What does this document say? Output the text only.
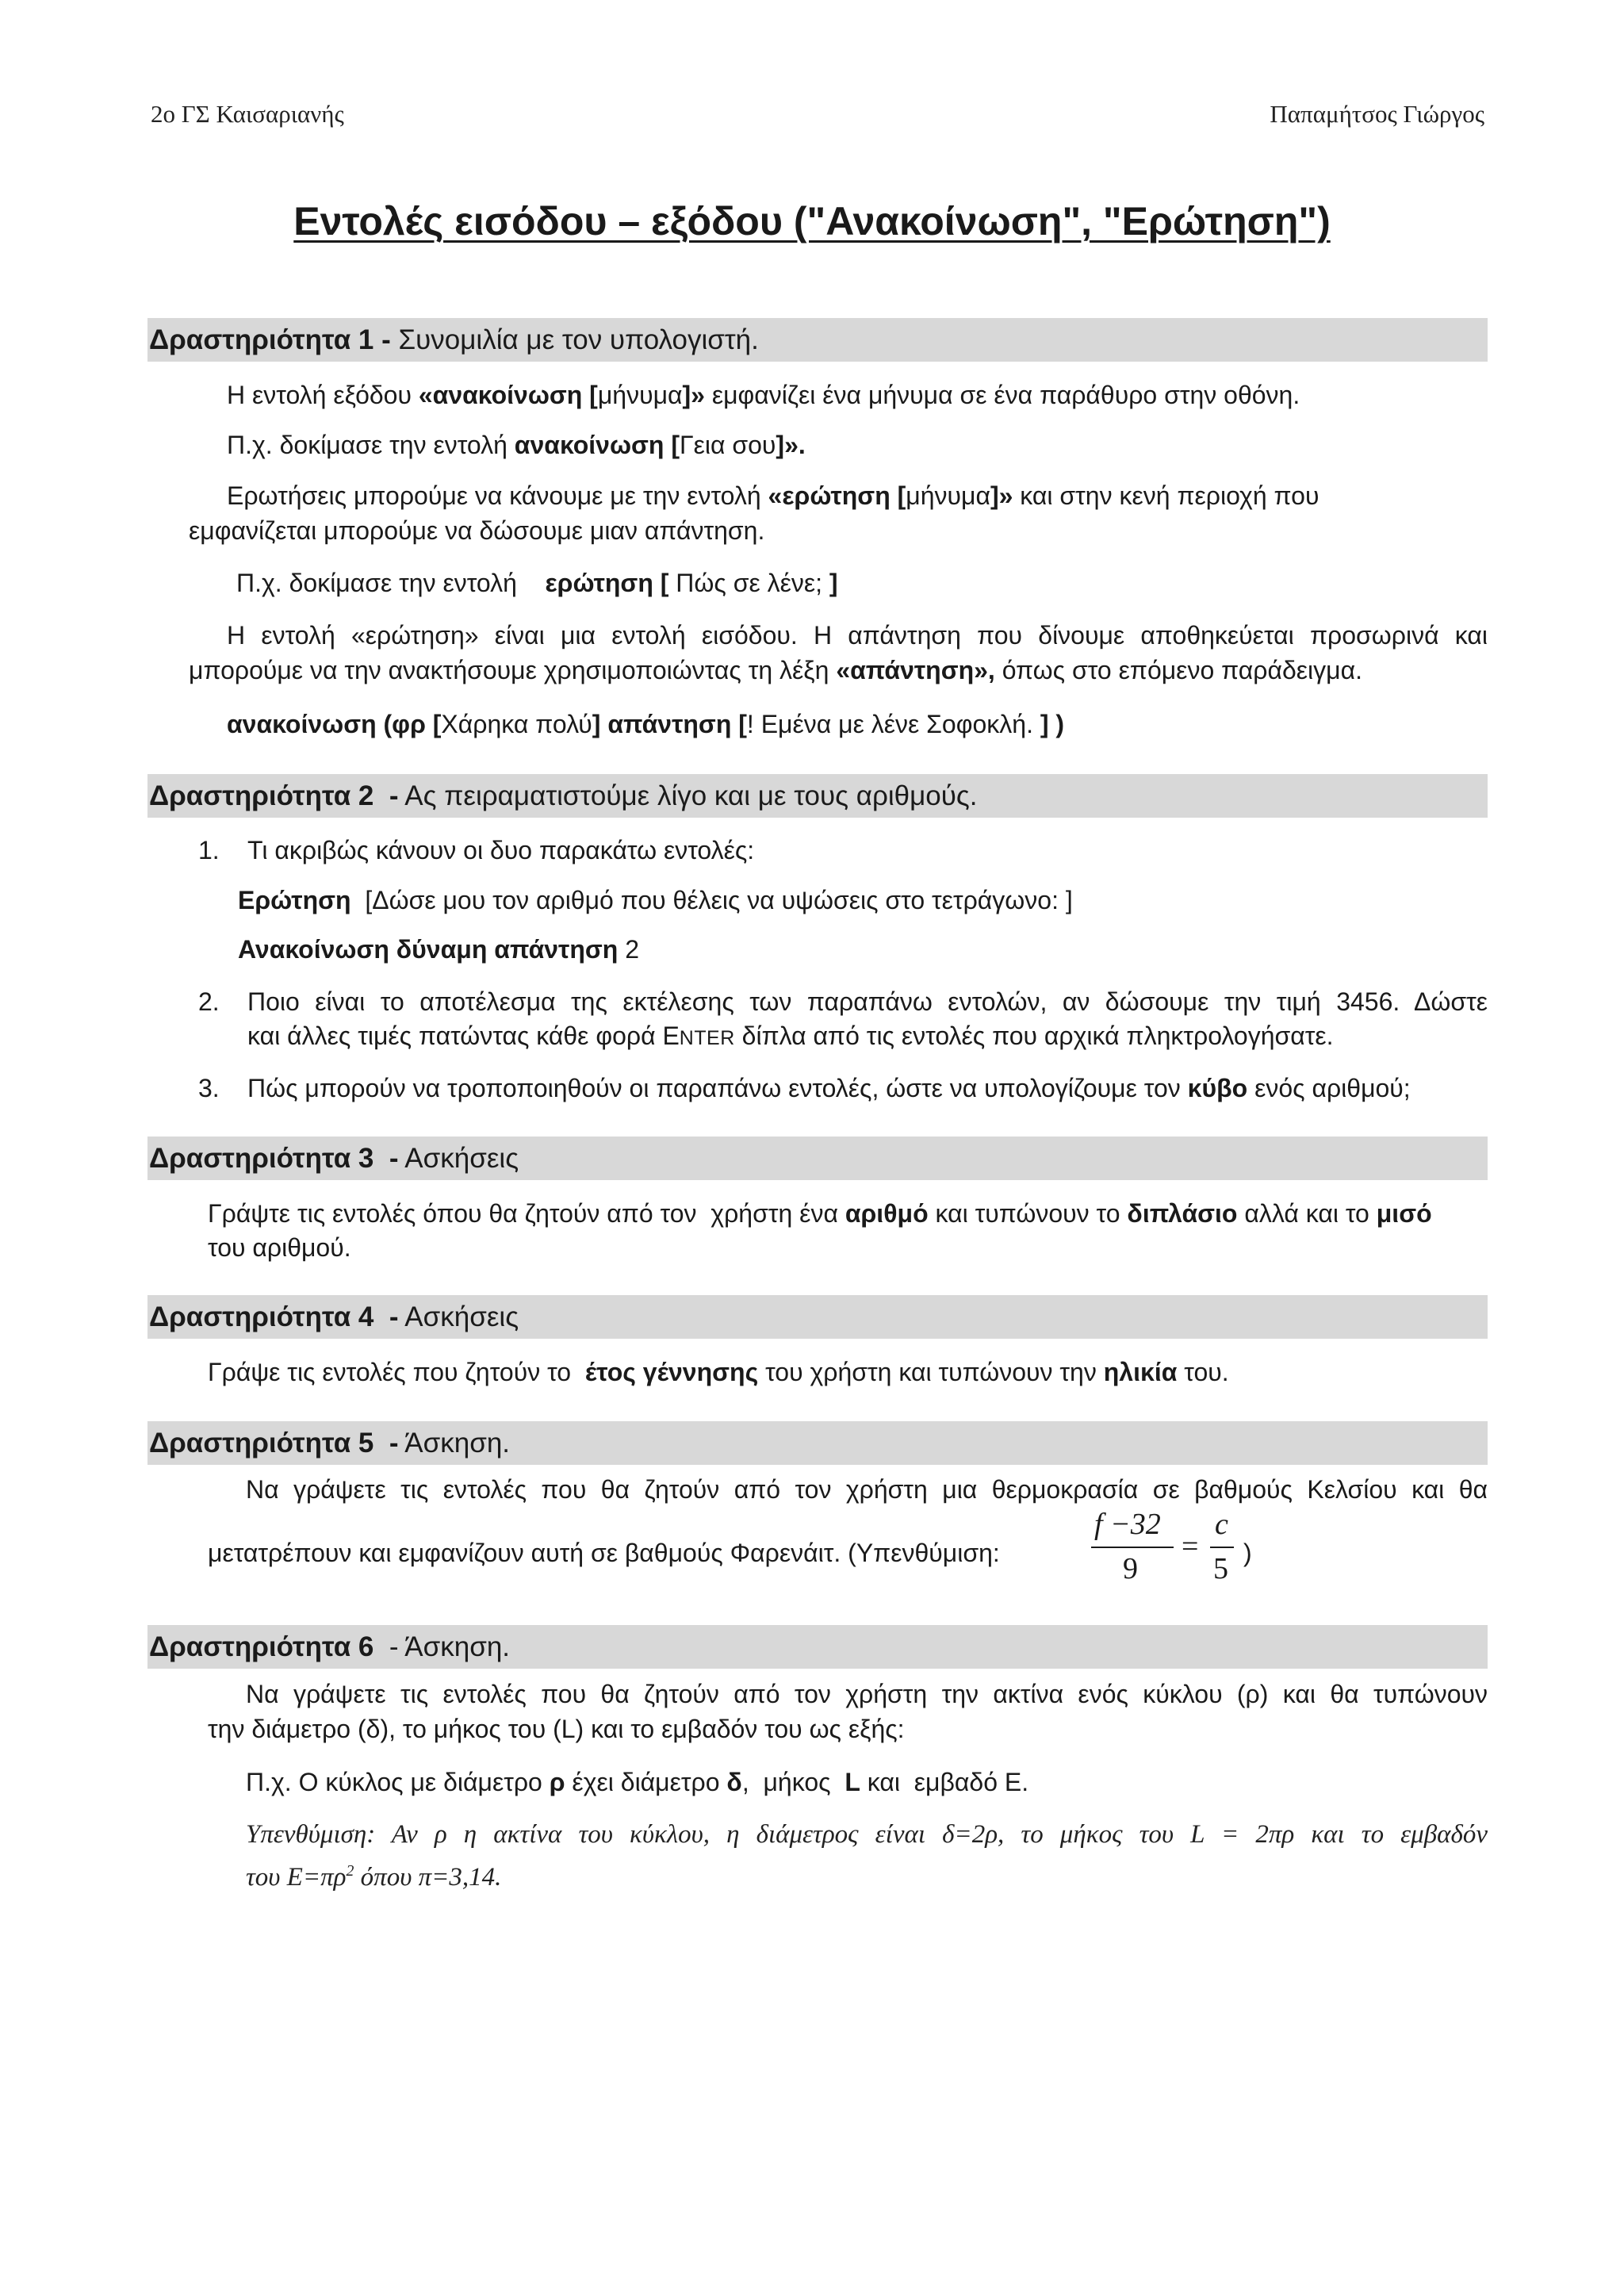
2ο ΓΣ Καισαριανής	Παπαμήτσος Γιώργος
Εντολές εισόδου – εξόδου ("Ανακοίνωση", "Ερώτηση")
Δραστηριότητα 1 - Συνομιλία με τον υπολογιστή.
Η εντολή εξόδου «ανακοίνωση [μήνυμα]» εμφανίζει ένα μήνυμα σε ένα παράθυρο στην οθόνη.
Π.χ. δοκίμασε την εντολή ανακοίνωση [Γεια σου]».
Ερωτήσεις μπορούμε να κάνουμε με την εντολή «ερώτηση [μήνυμα]» και στην κενή περιοχή που
εμφανίζεται μπορούμε να δώσουμε μιαν απάντηση.
Π.χ. δοκίμασε την εντολή    ερώτηση [ Πώς σε λένε; ]
Η εντολή «ερώτηση» είναι μια εντολή εισόδου. Η απάντηση που δίνουμε αποθηκεύεται προσωρινά και
μπορούμε να την ανακτήσουμε χρησιμοποιώντας τη λέξη «απάντηση», όπως στο επόμενο παράδειγμα.
ανακοίνωση (φρ [Χάρηκα πολύ] απάντηση [! Εμένα με λένε Σοφοκλή. ] )
Δραστηριότητα 2  - Ας πειραματιστούμε λίγο και με τους αριθμούς.
1. Τι ακριβώς κάνουν οι δυο παρακάτω εντολές:
Ερώτηση  [Δώσε μου τον αριθμό που θέλεις να υψώσεις στο τετράγωνο: ]
Ανακοίνωση δύναμη απάντηση 2
2. Ποιο είναι το αποτέλεσμα της εκτέλεσης των παραπάνω εντολών, αν δώσουμε την τιμή 3456. Δώστε
και άλλες τιμές πατώντας κάθε φορά ENTER δίπλα από τις εντολές που αρχικά πληκτρολογήσατε.
3. Πώς μπορούν να τροποποιηθούν οι παραπάνω εντολές, ώστε να υπολογίζουμε τον κύβο ενός αριθμού;
Δραστηριότητα 3  - Ασκήσεις
Γράψτε τις εντολές όπου θα ζητούν από τον  χρήστη ένα αριθμό και τυπώνουν το διπλάσιο αλλά και το μισό
του αριθμού.
Δραστηριότητα 4  - Ασκήσεις
Γράψε τις εντολές που ζητούν το  έτος γέννησης του χρήστη και τυπώνουν την ηλικία του.
Δραστηριότητα 5  - Άσκηση.
Να γράψετε τις εντολές που θα ζητούν από τον χρήστη μια θερμοκρασία σε βαθμούς Κελσίου και θα
μετατρέπουν και εμφανίζουν αυτή σε βαθμούς Φαρενάιτ. (Υπενθύμιση:
f −32
9
=
c
5 )
Δραστηριότητα 6  - Άσκηση.
Να γράψετε τις εντολές που θα ζητούν από τον χρήστη την ακτίνα ενός κύκλου (ρ) και θα τυπώνουν
την διάμετρο (δ), το μήκος του (L) και το εμβαδόν του ως εξής:
Π.χ. Ο κύκλος με διάμετρο ρ έχει διάμετρο δ,  μήκος  L και  εμβαδό Ε.
Υπενθύμιση: Αν ρ η ακτίνα του κύκλου, η διάμετρος είναι δ=2ρ, το μήκος του L = 2πρ και το εμβαδόν
του $E=\pi\rho^2$ όπου π=3,14.
